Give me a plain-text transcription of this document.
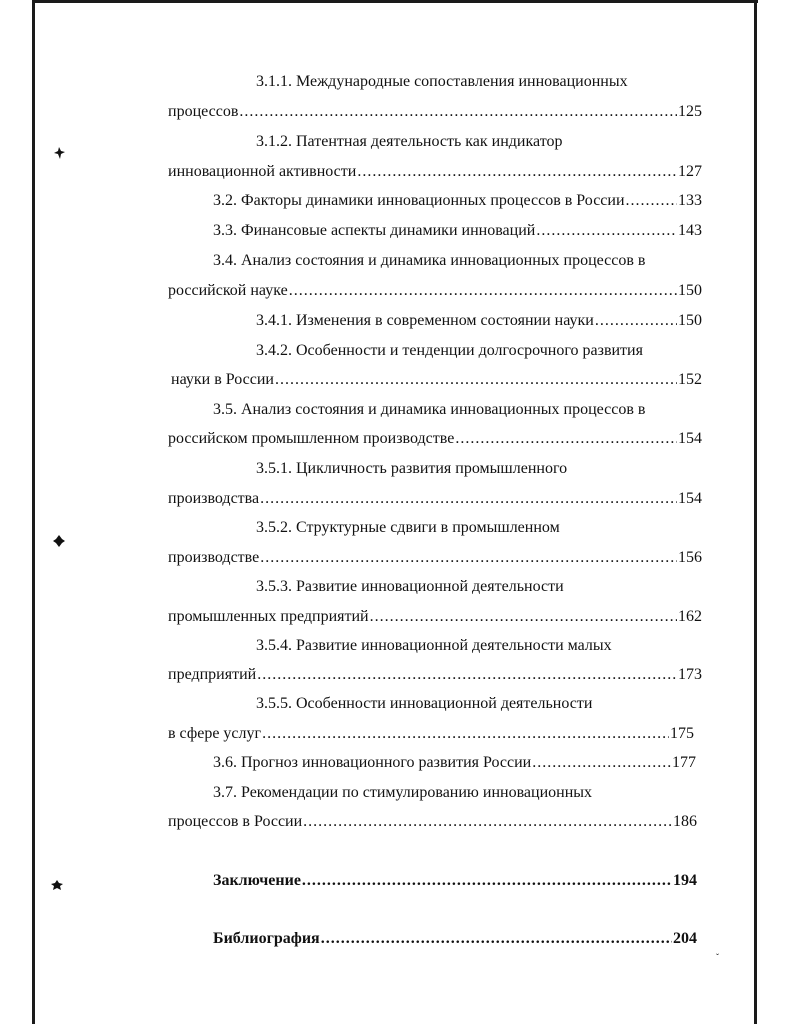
ˇ
3.1.1. Международные сопоставления инновационных
процессов .....	125
3.1.2. Патентная деятельность как индикатор
инновационной активности .....	127
3.2. Факторы динамики инновационных процессов в России .....	133
3.3. Финансовые аспекты динамики инноваций .....	143
3.4. Анализ состояния и динамика инновационных процессов в
российской науке .....	150
3.4.1. Изменения в современном состоянии науки .....	150
3.4.2. Особенности и тенденции долгосрочного развития
науки в России .....	152
3.5. Анализ состояния и динамика инновационных процессов в
российском промышленном производстве .....	154
3.5.1. Цикличность развития промышленного
производства .....	154
3.5.2. Структурные сдвиги в промышленном
производстве .....	156
3.5.3. Развитие инновационной деятельности
промышленных предприятий .....	162
3.5.4. Развитие инновационной деятельности малых
предприятий .....	173
3.5.5. Особенности инновационной деятельности
в сфере услуг .....	175
3.6. Прогноз инновационного развития России .....	177
3.7. Рекомендации по стимулированию инновационных
процессов в России .....	186
Заключение .....	194
Библиография .....	204
